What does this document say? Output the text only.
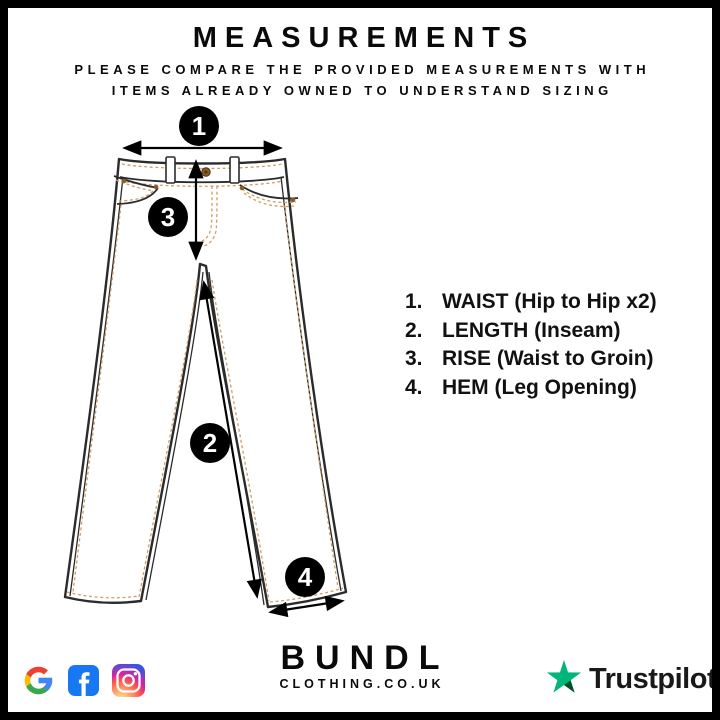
MEASUREMENTS
PLEASE COMPARE THE PROVIDED MEASUREMENTS WITH
ITEMS ALREADY OWNED TO UNDERSTAND SIZING
1
3
2
4
1. WAIST (Hip to Hip x2)
2. LENGTH (Inseam)
3. RISE (Waist to Groin)
4. HEM (Leg Opening)
BUNDL
CLOTHING.CO.UK	Trustpilot
